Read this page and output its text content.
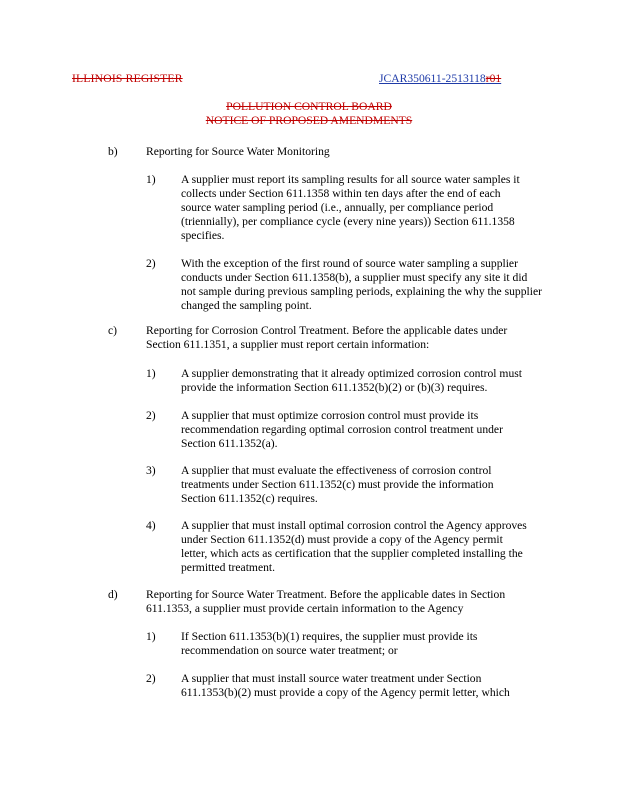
ILLINOIS REGISTER	JCAR350611-2513118r01
POLLUTION CONTROL BOARD
NOTICE OF PROPOSED AMENDMENTS
b) Reporting for Source Water Monitoring
1) A supplier must report its sampling results for all source water samples it
collects under Section 611.1358 within ten days after the end of each
source water sampling period (i.e., annually, per compliance period
(triennially), per compliance cycle (every nine years)) Section 611.1358
specifies.
2) With the exception of the first round of source water sampling a supplier
conducts under Section 611.1358(b), a supplier must specify any site it did
not sample during previous sampling periods, explaining the why the supplier
changed the sampling point.
c) Reporting for Corrosion Control Treatment. Before the applicable dates under
Section 611.1351, a supplier must report certain information:
1) A supplier demonstrating that it already optimized corrosion control must
provide the information Section 611.1352(b)(2) or (b)(3) requires.
2) A supplier that must optimize corrosion control must provide its
recommendation regarding optimal corrosion control treatment under
Section 611.1352(a).
3) A supplier that must evaluate the effectiveness of corrosion control
treatments under Section 611.1352(c) must provide the information
Section 611.1352(c) requires.
4) A supplier that must install optimal corrosion control the Agency approves
under Section 611.1352(d) must provide a copy of the Agency permit
letter, which acts as certification that the supplier completed installing the
permitted treatment.
d) Reporting for Source Water Treatment. Before the applicable dates in Section
611.1353, a supplier must provide certain information to the Agency
1) If Section 611.1353(b)(1) requires, the supplier must provide its
recommendation on source water treatment; or
2) A supplier that must install source water treatment under Section
611.1353(b)(2) must provide a copy of the Agency permit letter, which
